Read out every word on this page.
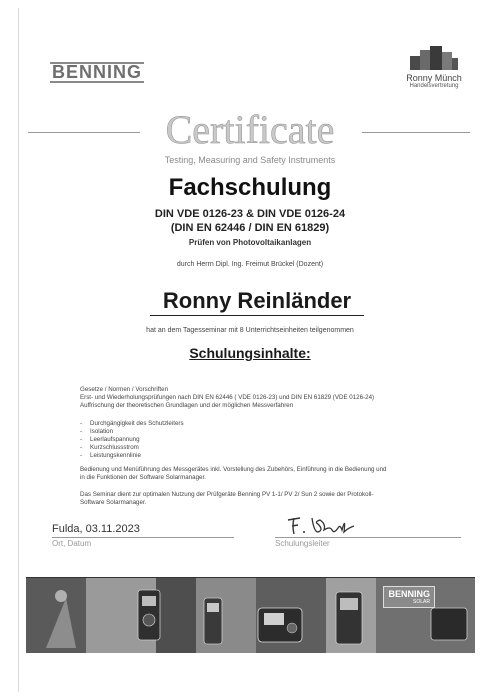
BENNING	Ronny Münch
Handelsvertretung
Certificate
Testing, Measuring and Safety Instruments
Fachschulung
DIN VDE 0126-23 & DIN VDE 0126-24
(DIN EN 62446 / DIN EN 61829)
Prüfen von Photovoltaikanlagen
durch Herrn Dipl. Ing. Freimut Brückel (Dozent)
Ronny Reinländer
hat an dem Tagesseminar mit 8 Unterrichtseinheiten teilgenommen
Schulungsinhalte:
Gesetze / Normen / Vorschriften
Erst- und Wiederholungsprüfungen nach DIN EN 62446 ( VDE 0126-23) und DIN EN 61829 (VDE 0126-24)
Auffrischung der theoretischen Grundlagen und der möglichen Messverfahren
- Durchgängigkeit des Schutzleiters
- Isolation
- Leerlaufspannung
- Kurzschlussstrom
- Leistungskennlinie
Bedienung und Menüführung des Messgerätes inkl. Vorstellung des Zubehörs, Einführung in die Bedienung und
in die Funktionen der Software Solarmanager.
Das Seminar dient zur optimalen Nutzung der Prüfgeräte Benning PV 1-1/ PV 2/ Sun 2 sowie der Protokoll-
Software Solarmanager.
Fulda, 03.11.2023
Ort, Datum	Schulungsleiter
BENNING
SOLAR
